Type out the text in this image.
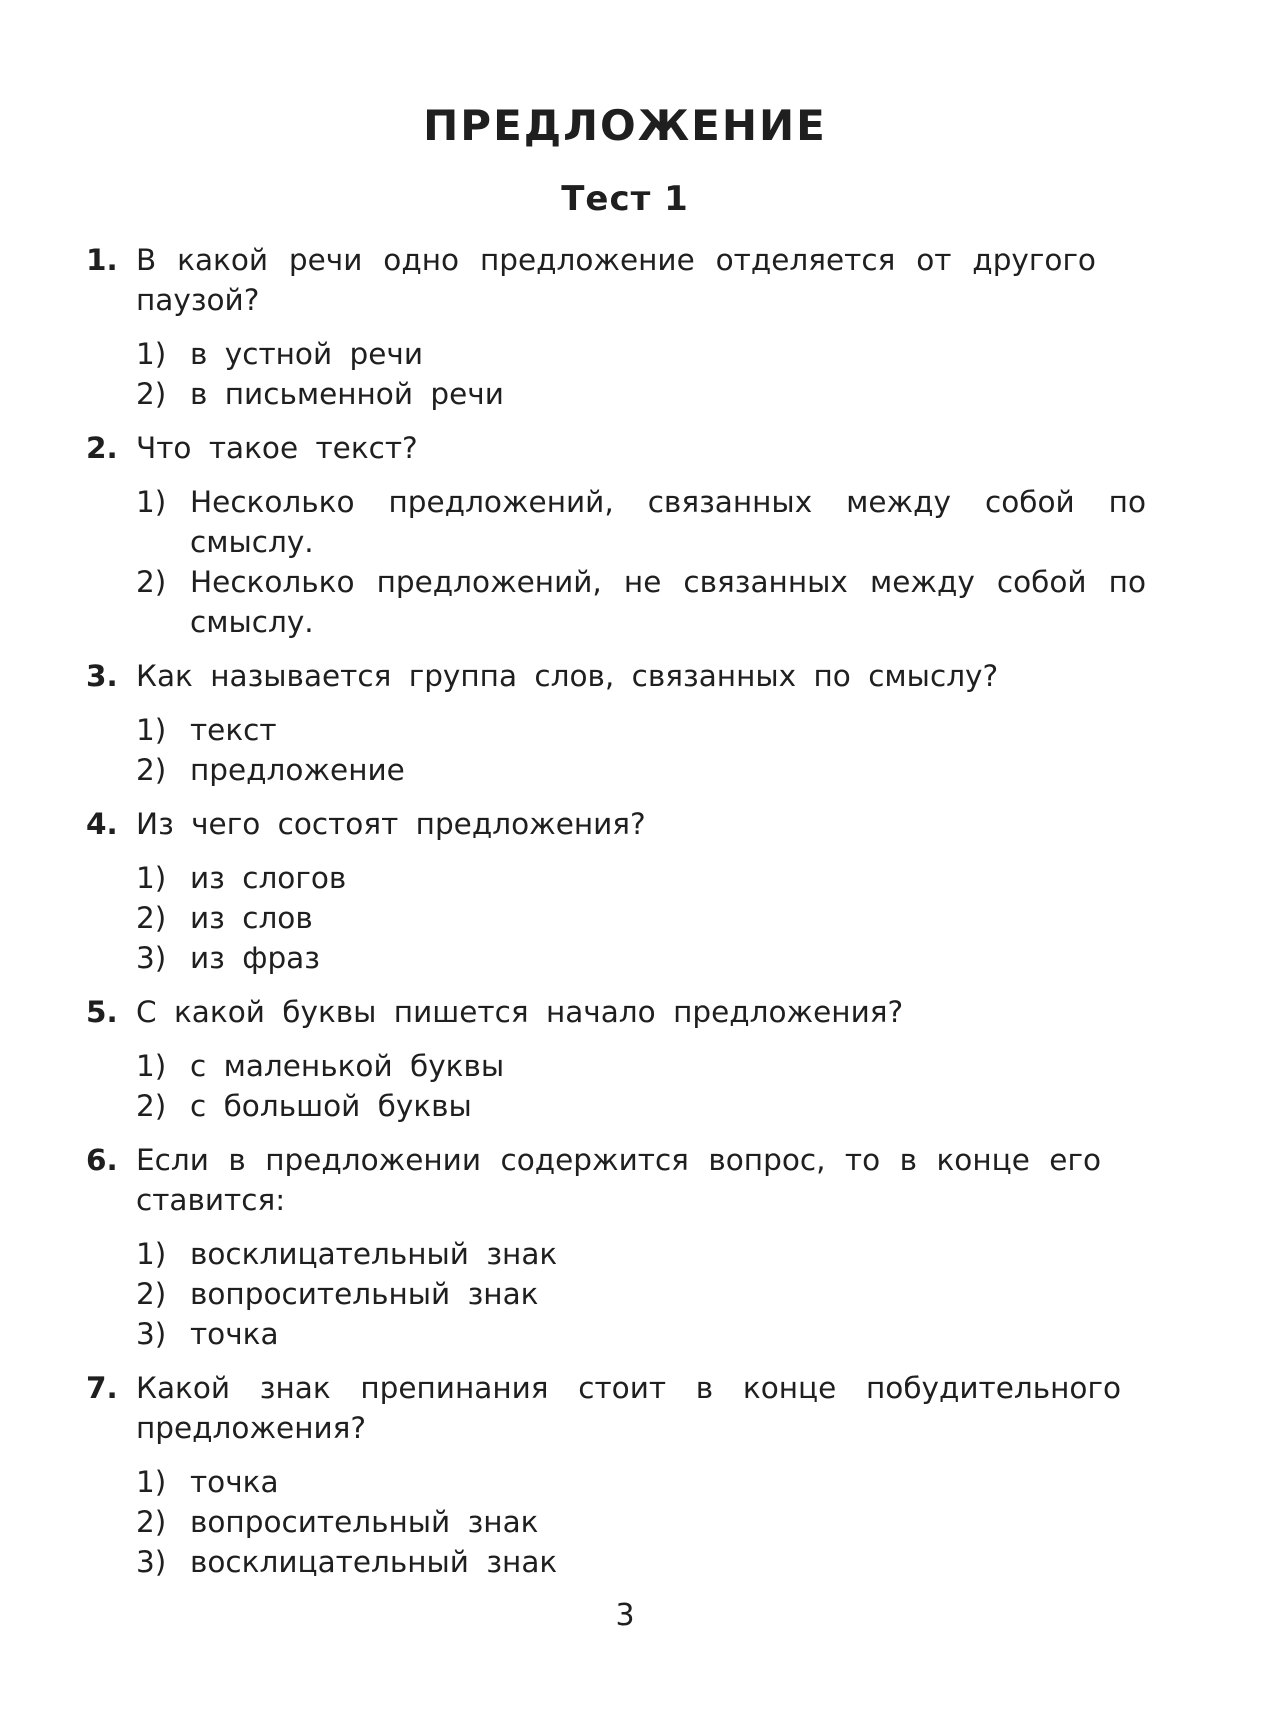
ПРЕДЛОЖЕНИЕ
Тест 1
1. В какой речи одно предложение отделяется от другого паузой?
1) в устной речи
2) в письменной речи
2. Что такое текст?
1) Несколько предложений, связанных между собой по смыслу.
2) Несколько предложений, не связанных между собой по смыслу.
3. Как называется группа слов, связанных по смыслу?
1) текст
2) предложение
4. Из чего состоят предложения?
1) из слогов
2) из слов
3) из фраз
5. С какой буквы пишется начало предложения?
1) с маленькой буквы
2) с большой буквы
6. Если в предложении содержится вопрос, то в конце его ставится:
1) восклицательный знак
2) вопросительный знак
3) точка
7. Какой знак препинания стоит в конце побудительного предложения?
1) точка
2) вопросительный знак
3) восклицательный знак
3
